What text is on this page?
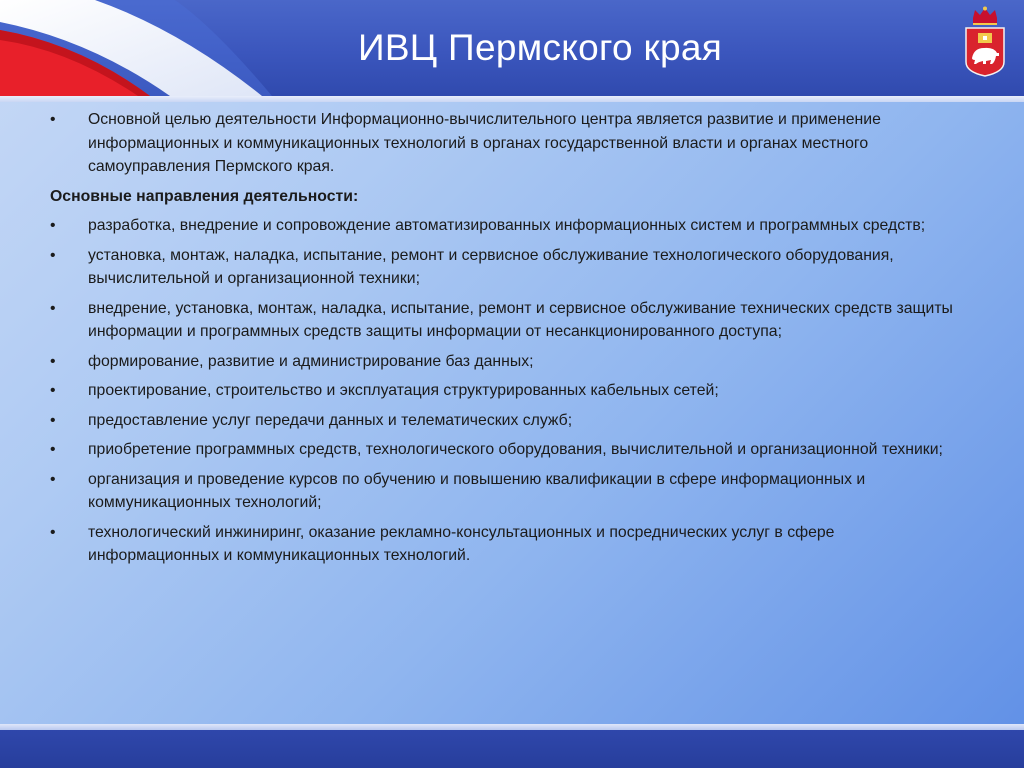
ИВЦ Пермского края
•	Основной целью деятельности Информационно-вычислительного центра является развитие и применение информационных и коммуникационных технологий в органах государственной власти и органах местного самоуправления Пермского края.
Основные направления деятельности:
•	разработка, внедрение и сопровождение автоматизированных информационных систем и программных средств;
•	установка, монтаж, наладка, испытание, ремонт и сервисное обслуживание технологического оборудования, вычислительной и организационной техники;
•	внедрение, установка, монтаж, наладка, испытание, ремонт и сервисное обслуживание технических средств защиты информации и программных средств защиты информации от несанкционированного доступа;
•	формирование, развитие и администрирование баз данных;
•	проектирование, строительство и эксплуатация структурированных кабельных сетей;
•	предоставление услуг передачи данных и телематических служб;
•	приобретение программных средств, технологического оборудования, вычислительной и организационной техники;
•	организация и проведение курсов по обучению и повышению квалификации в сфере информационных и коммуникационных технологий;
•	технологический инжиниринг, оказание рекламно-консультационных и посреднических услуг в сфере информационных и коммуникационных технологий.
